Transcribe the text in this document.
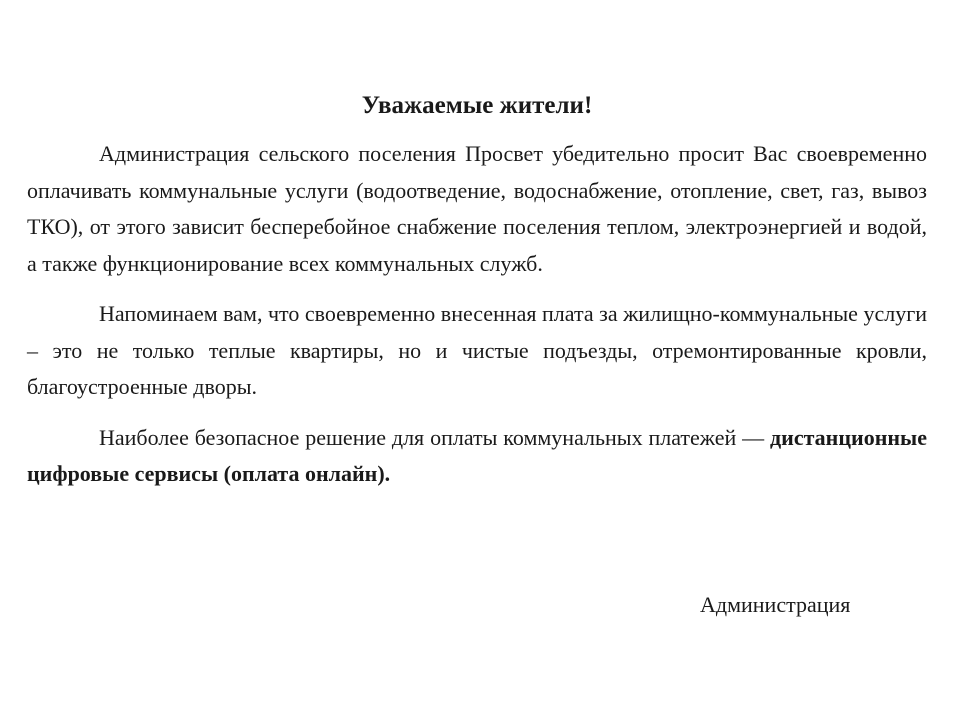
Уважаемые жители!

Администрация сельского поселения Просвет убедительно просит Вас своевременно оплачивать коммунальные услуги (водоотведение, водоснабжение, отопление, свет, газ, вывоз ТКО), от этого зависит бесперебойное снабжение поселения теплом, электроэнергией и водой, а также функционирование всех коммунальных служб.

Напоминаем вам, что своевременно внесенная плата за жилищно-коммунальные услуги – это не только теплые квартиры, но и чистые подъезды, отремонтированные кровли, благоустроенные дворы.

Наиболее безопасное решение для оплаты коммунальных платежей — дистанционные цифровые сервисы (оплата онлайн).

Администрация
